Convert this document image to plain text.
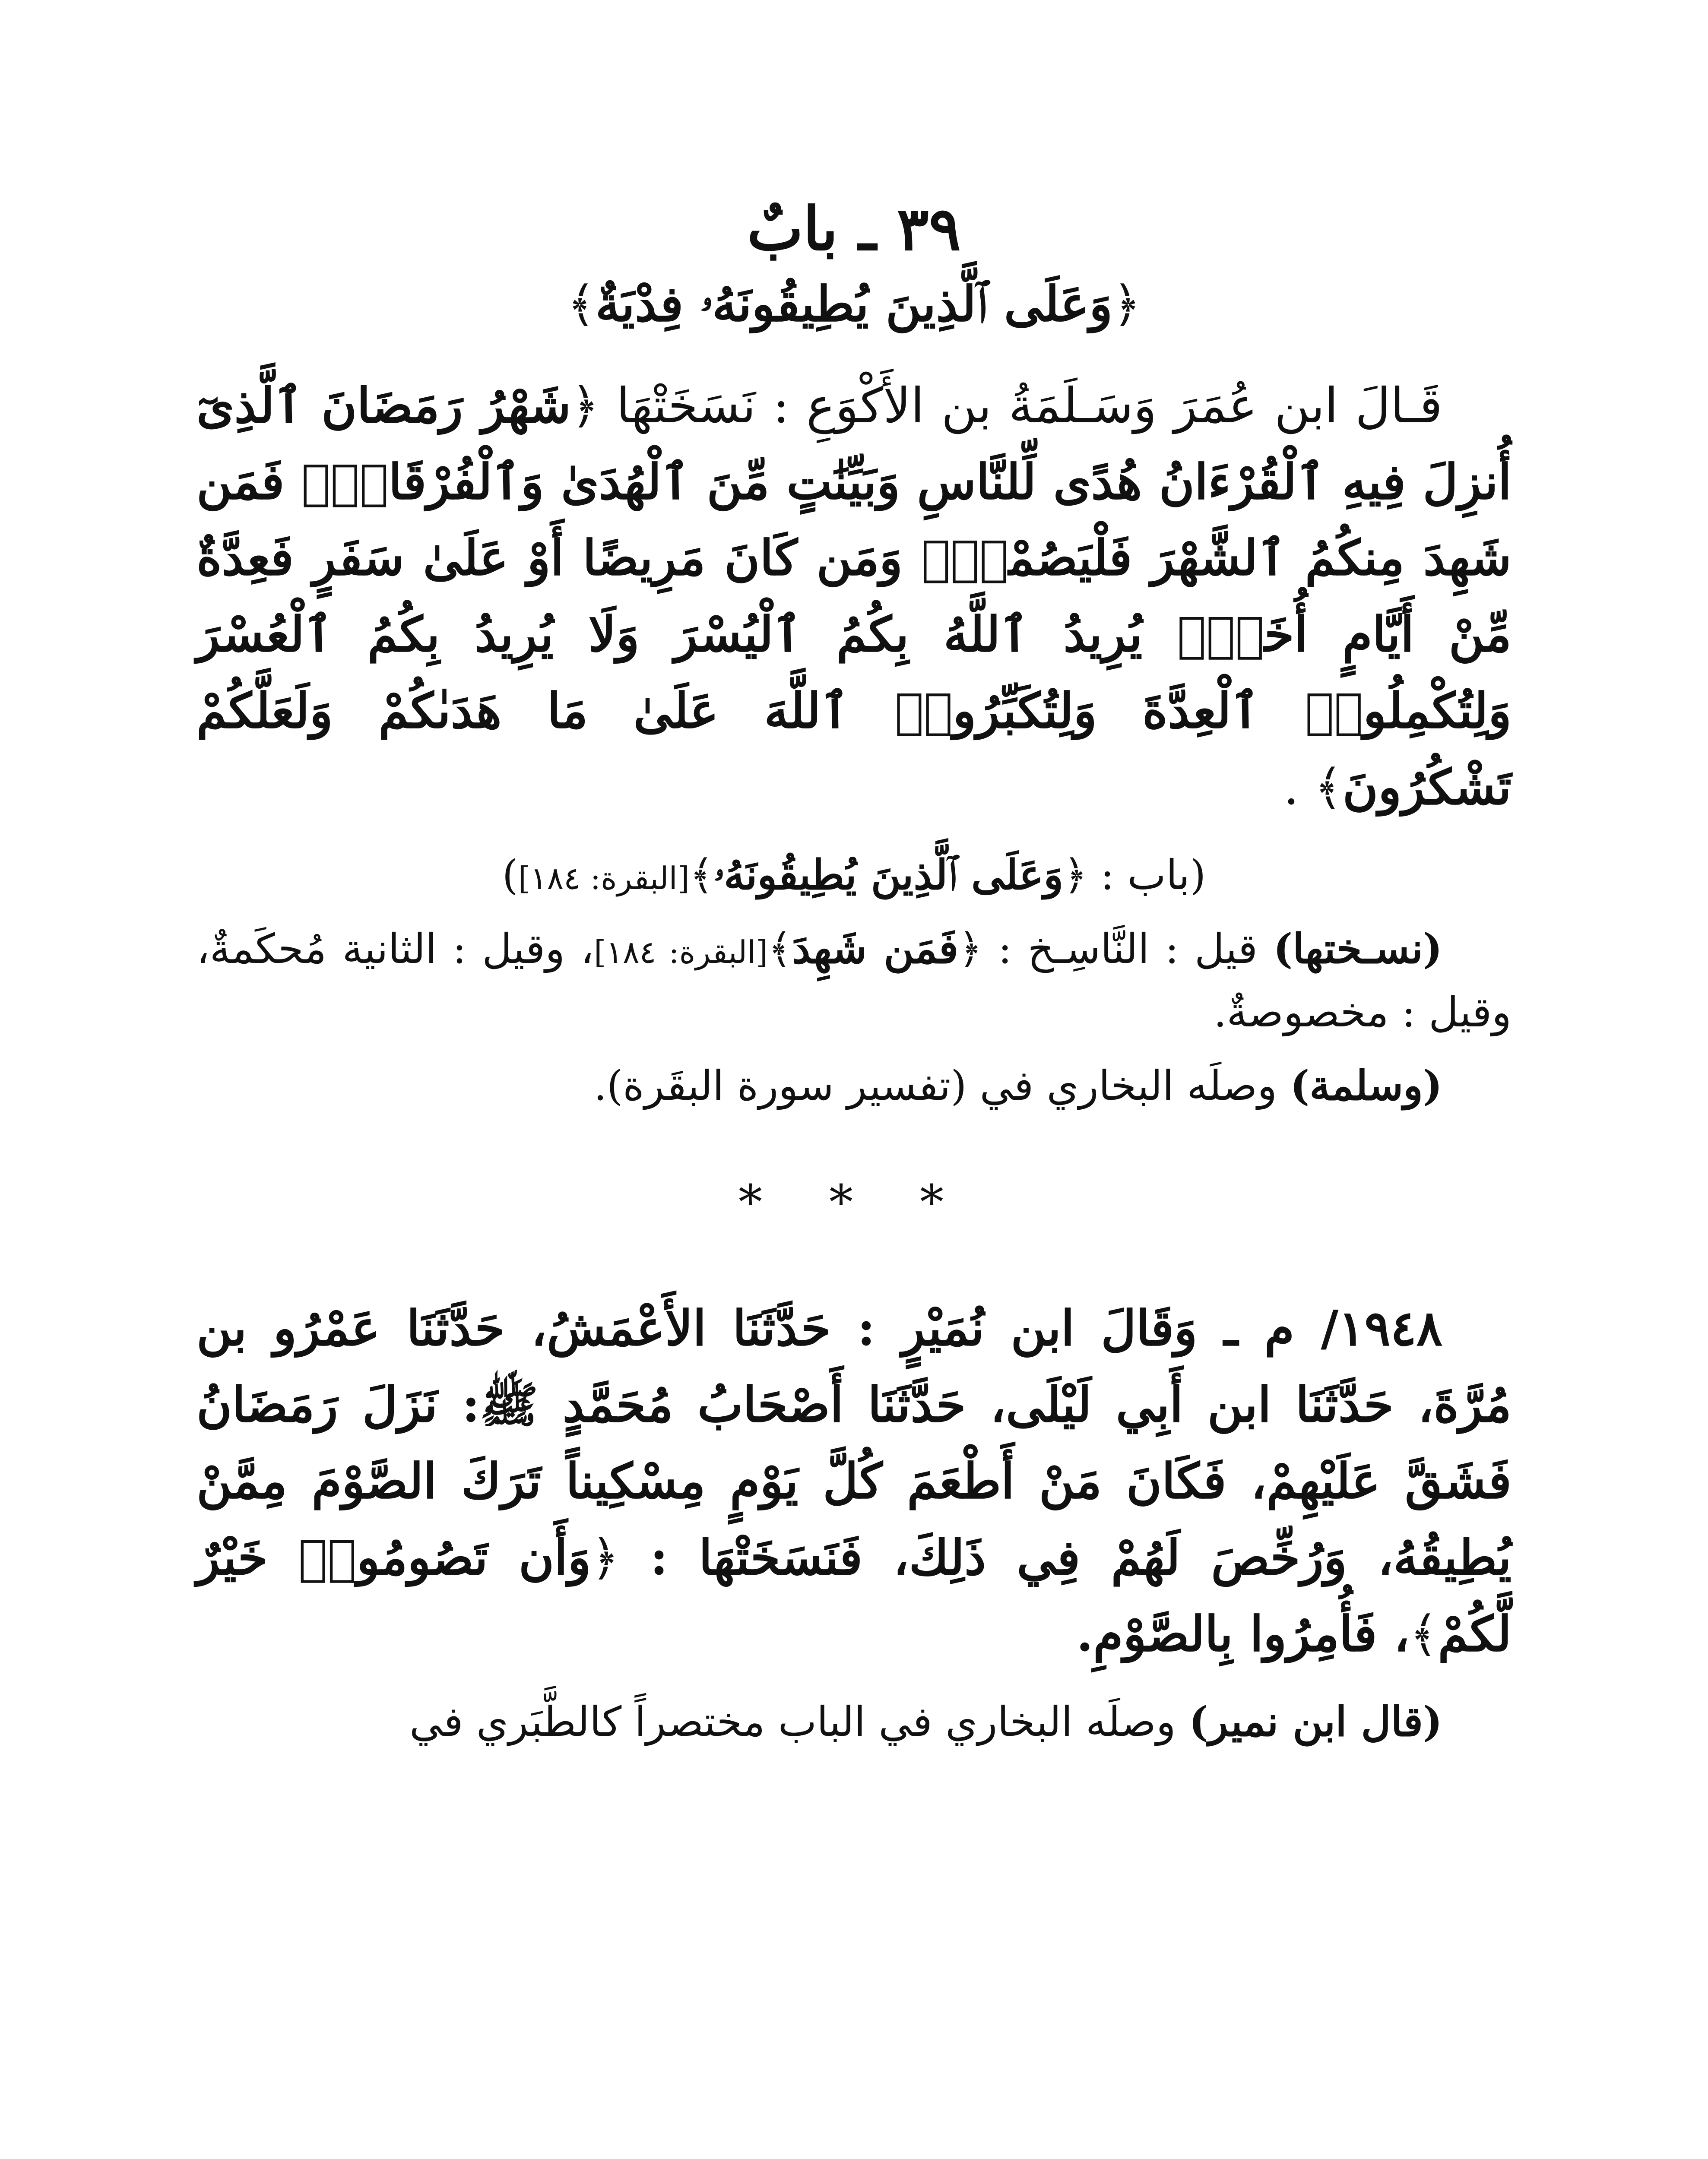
٣٩ ـ بابٌ
﴿وَعَلَى ٱلَّذِينَ يُطِيقُونَهُۥ فِدْيَةٌ﴾

قَـالَ ابن عُمَرَ وَسَـلَمَةُ بن الأَكْوَعِ : نَسَخَتْهَا ﴿شَهْرُ رَمَضَانَ ٱلَّذِىٓ أُنزِلَ فِيهِ ٱلْقُرْءَانُ هُدًى لِّلنَّاسِ وَبَيِّنَٰتٍ مِّنَ ٱلْهُدَىٰ وَٱلْفُرْقَانِۚ فَمَن شَهِدَ مِنكُمُ ٱلشَّهْرَ فَلْيَصُمْهُۖ وَمَن كَانَ مَرِيضًا أَوْ عَلَىٰ سَفَرٍ فَعِدَّةٌ مِّنْ أَيَّامٍ أُخَرَۗ يُرِيدُ ٱللَّهُ بِكُمُ ٱلْيُسْرَ وَلَا يُرِيدُ بِكُمُ ٱلْعُسْرَ وَلِتُكْمِلُوا۟ ٱلْعِدَّةَ وَلِتُكَبِّرُوا۟ ٱللَّهَ عَلَىٰ مَا هَدَىٰكُمْ وَلَعَلَّكُمْ تَشْكُرُونَ﴾ .

(باب : ﴿وَعَلَى ٱلَّذِينَ يُطِيقُونَهُۥ﴾[البقرة: ١٨٤])

(نسـختها) قيل : النَّاسِـخ : ﴿فَمَن شَهِدَ﴾[البقرة: ١٨٤]، وقيل : الثانية مُحكَمةٌ، وقيل : مخصوصةٌ.

(وسلمة) وصلَه البخاري في (تفسير سورة البقَرة).

* * *

١٩٤٨/ م ـ وَقَالَ ابن نُمَيْرٍ : حَدَّثَنَا الأَعْمَشُ، حَدَّثَنَا عَمْرُو بن مُرَّةَ، حَدَّثَنَا ابن أَبِي لَيْلَى، حَدَّثَنَا أَصْحَابُ مُحَمَّدٍ ﷺ: نَزَلَ رَمَضَانُ فَشَقَّ عَلَيْهِمْ، فَكَانَ مَنْ أَطْعَمَ كُلَّ يَوْمٍ مِسْكِيناً تَرَكَ الصَّوْمَ مِمَّنْ يُطِيقُهُ، وَرُخِّصَ لَهُمْ فِي ذَلِكَ، فَنَسَخَتْهَا : ﴿وَأَن تَصُومُوا۟ خَيْرٌ لَّكُمْ﴾، فَأُمِرُوا بِالصَّوْمِ.

(قال ابن نمير) وصلَه البخاري في الباب مختصراً كالطَّبَري في
